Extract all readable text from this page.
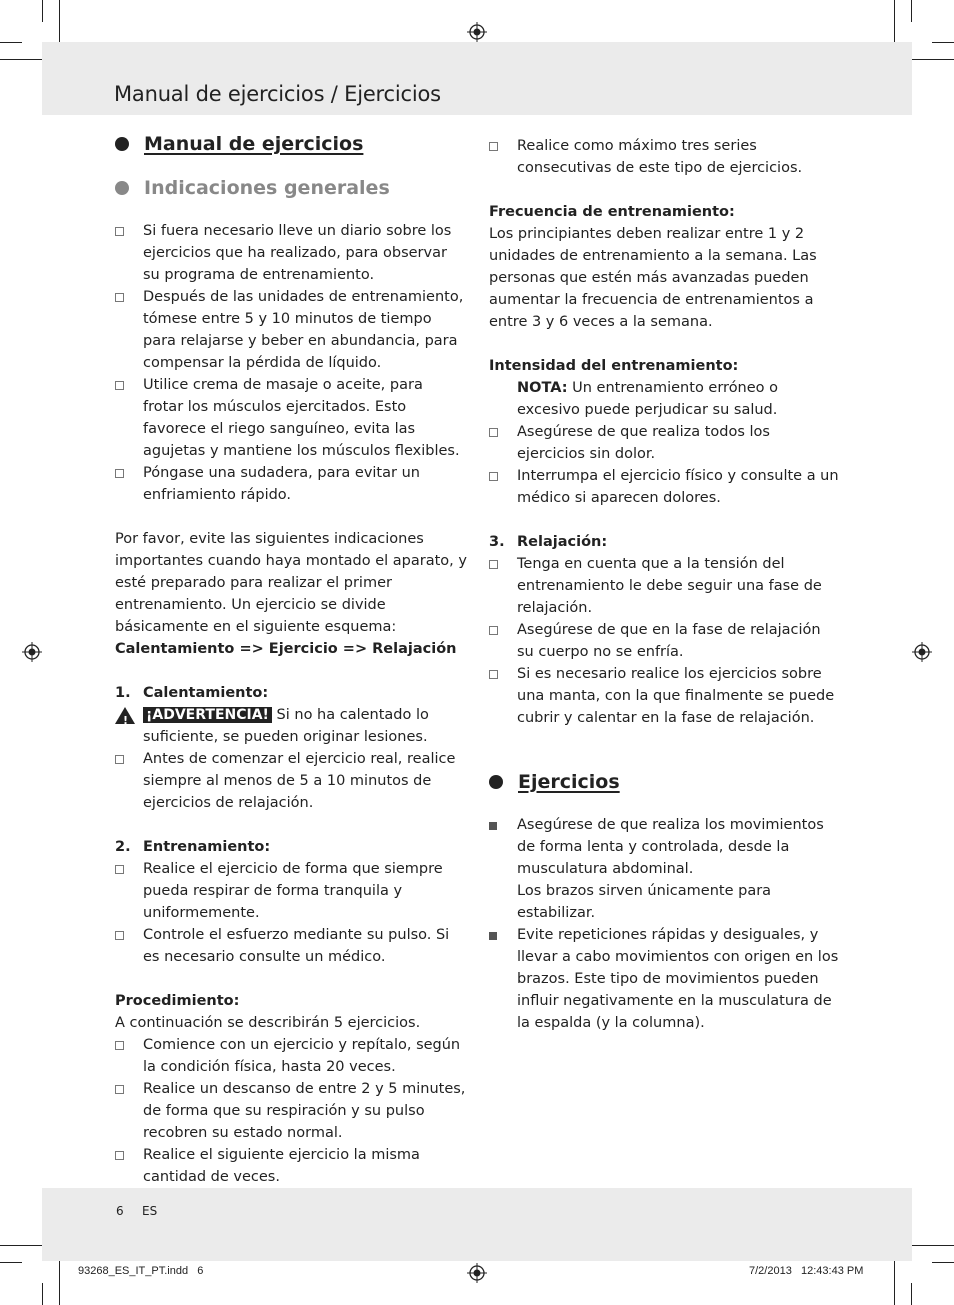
Manual de ejercicios / Ejercicios
Manual de ejercicios
Indicaciones generales

Si fuera necesario lleve un diario sobre los ejercicios que ha realizado, para observar su programa de entrenamiento.

Después de las unidades de entrenamiento, tómese entre 5 y 10 minutos de tiempo para relajarse y beber en abundancia, para compensar la pérdida de líquido.

Utilice crema de masaje o aceite, para frotar los músculos ejercitados. Esto favorece el riego sanguíneo, evita las agujetas y mantiene los músculos flexibles.

Póngase una sudadera, para evitar un enfriamiento rápido.

Por favor, evite las siguientes indicaciones importantes cuando haya montado el aparato, y esté preparado para realizar el primer entrenamiento. Un ejercicio se divide básicamente en el siguiente esquema:

Calentamiento => Ejercicio => Relajación

1. Calentamiento:
!

¡ADVERTENCIA! Si no ha calentado lo suficiente, se pueden originar lesiones.

Antes de comenzar el ejercicio real, realice siempre al menos de 5 a 10 minutos de ejercicios de relajación.

2. Entrenamiento:

Realice el ejercicio de forma que siempre pueda respirar de forma tranquila y uniformemente.

Controle el esfuerzo mediante su pulso. Si es necesario consulte un médico.

Procedimiento:

A continuación se describirán 5 ejercicios.

Comience con un ejercicio y repítalo, según la condición física, hasta 20 veces.

Realice un descanso de entre 2 y 5 minutes, de forma que su respiración y su pulso recobren su estado normal.

Realice el siguiente ejercicio la misma cantidad de veces.

Realice como máximo tres series consecutivas de este tipo de ejercicios.

Frecuencia de entrenamiento:

Los principiantes deben realizar entre 1 y 2 unidades de entrenamiento a la semana. Las personas que estén más avanzadas pueden aumentar la frecuencia de entrenamientos a entre 3 y 6 veces a la semana.

Intensidad del entrenamiento:

NOTA: Un entrenamiento erróneo o excesivo puede perjudicar su salud.

Asegúrese de que realiza todos los ejercicios sin dolor.

Interrumpa el ejercicio físico y consulte a un médico si aparecen dolores.

3. Relajación:

Tenga en cuenta que a la tensión del entrenamiento le debe seguir una fase de relajación.

Asegúrese de que en la fase de relajación su cuerpo no se enfría.

Si es necesario realice los ejercicios sobre una manta, con la que finalmente se puede cubrir y calentar en la fase de relajación.

Ejercicios

Asegúrese de que realiza los movimientos de forma lenta y controlada, desde la musculatura abdominal.

Los brazos sirven únicamente para estabilizar.

Evite repeticiones rápidas y desiguales, y llevar a cabo movimientos con origen en los brazos. Este tipo de movimientos pueden influir negativamente en la musculatura de la espalda (y la columna).

6 ES
93268_ES_IT_PT.indd   6	7/2/2013   12:43:43 PM
